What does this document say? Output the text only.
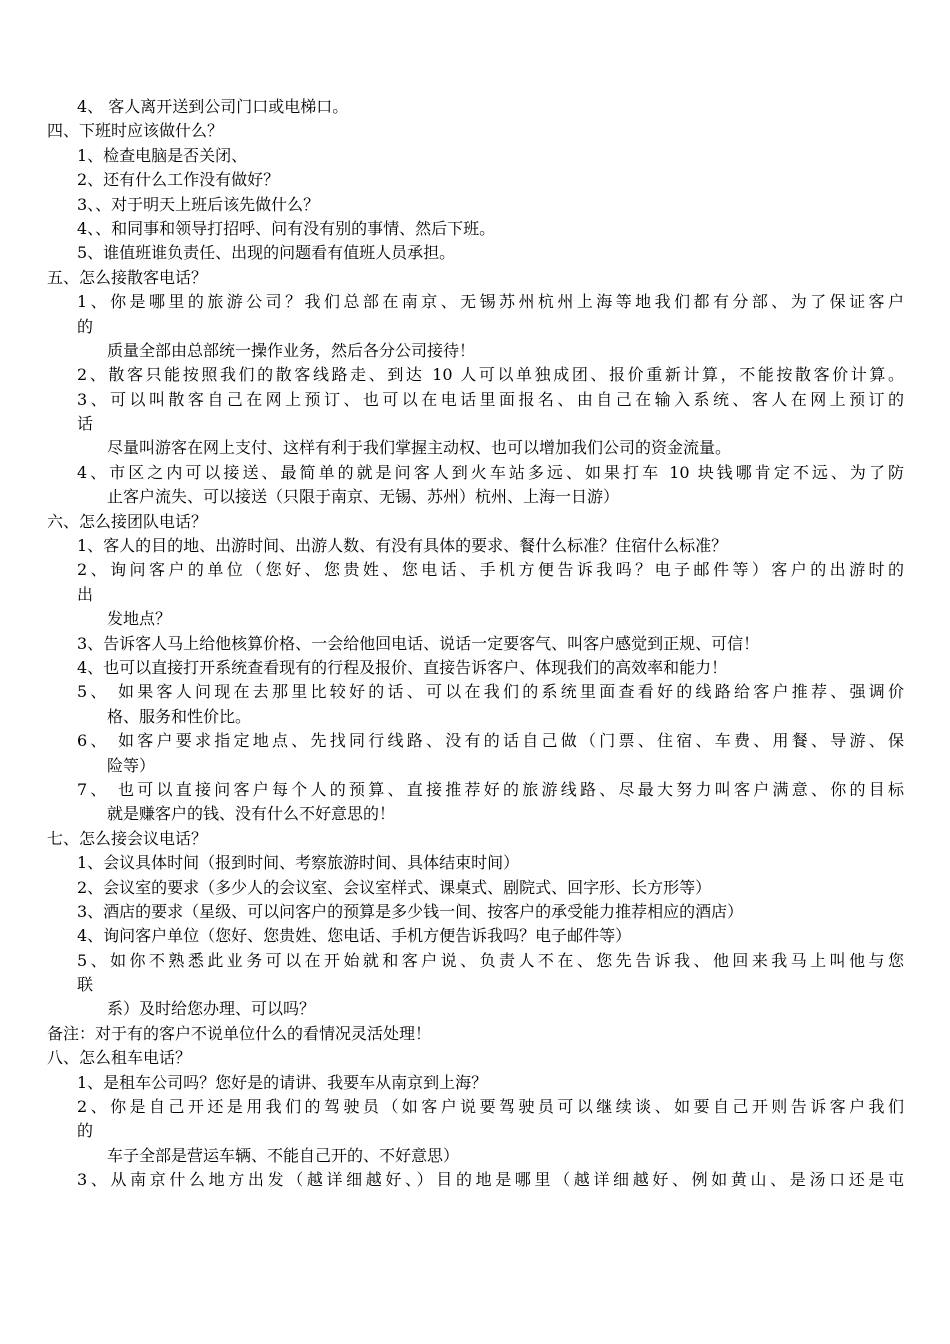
4、 客人离开送到公司门口或电梯口。
四、下班时应该做什么？
1、检查电脑是否关闭、
2、还有什么工作没有做好？
3、、对于明天上班后该先做什么？
4、、和同事和领导打招呼、问有没有别的事情、然后下班。
5、谁值班谁负责任、出现的问题看有值班人员承担。
五、怎么接散客电话？
1、你是哪里的旅游公司？我们总部在南京、无锡苏州杭州上海等地我们都有分部、为了保证客户
的
质量全部由总部统一操作业务，然后各分公司接待！
2、散客只能按照我们的散客线路走、到达 10 人可以单独成团、报价重新计算，不能按散客价计算。
3、可以叫散客自己在网上预订、也可以在电话里面报名、由自己在输入系统、客人在网上预订的
话
尽量叫游客在网上支付、这样有利于我们掌握主动权、也可以增加我们公司的资金流量。
4、市区之内可以接送、最简单的就是问客人到火车站多远、如果打车 10 块钱哪肯定不远、为了防
止客户流失、可以接送（只限于南京、无锡、苏州）杭州、上海一日游）
六、怎么接团队电话？
1、客人的目的地、出游时间、出游人数、有没有具体的要求、餐什么标准？住宿什么标准？
2、询问客户的单位（您好、您贵姓、您电话、手机方便告诉我吗？电子邮件等）客户的出游时的
出
发地点？
3、告诉客人马上给他核算价格、一会给他回电话、说话一定要客气、叫客户感觉到正规、可信！
4、也可以直接打开系统查看现有的行程及报价、直接告诉客户、体现我们的高效率和能力！
5、 如果客人问现在去那里比较好的话、可以在我们的系统里面查看好的线路给客户推荐、强调价
格、服务和性价比。
6、 如客户要求指定地点、先找同行线路、没有的话自己做（门票、住宿、车费、用餐、导游、保
险等）
7、 也可以直接问客户每个人的预算、直接推荐好的旅游线路、尽最大努力叫客户满意、你的目标
就是赚客户的钱、没有什么不好意思的！
七、怎么接会议电话？
1、会议具体时间（报到时间、考察旅游时间、具体结束时间）
2、会议室的要求（多少人的会议室、会议室样式、课桌式、剧院式、回字形、长方形等）
3、酒店的要求（星级、可以问客户的预算是多少钱一间、按客户的承受能力推荐相应的酒店）
4、询问客户单位（您好、您贵姓、您电话、手机方便告诉我吗？电子邮件等）
5、如你不熟悉此业务可以在开始就和客户说、负责人不在、您先告诉我、他回来我马上叫他与您
联
系）及时给您办理、可以吗？
备注：对于有的客户不说单位什么的看情况灵活处理！
八、怎么租车电话？
1、是租车公司吗？您好是的请讲、我要车从南京到上海？
2、你是自己开还是用我们的驾驶员（如客户说要驾驶员可以继续谈、如要自己开则告诉客户我们
的
车子全部是营运车辆、不能自己开的、不好意思）
3、从南京什么地方出发（越详细越好、）目的地是哪里（越详细越好、例如黄山、是汤口还是屯
